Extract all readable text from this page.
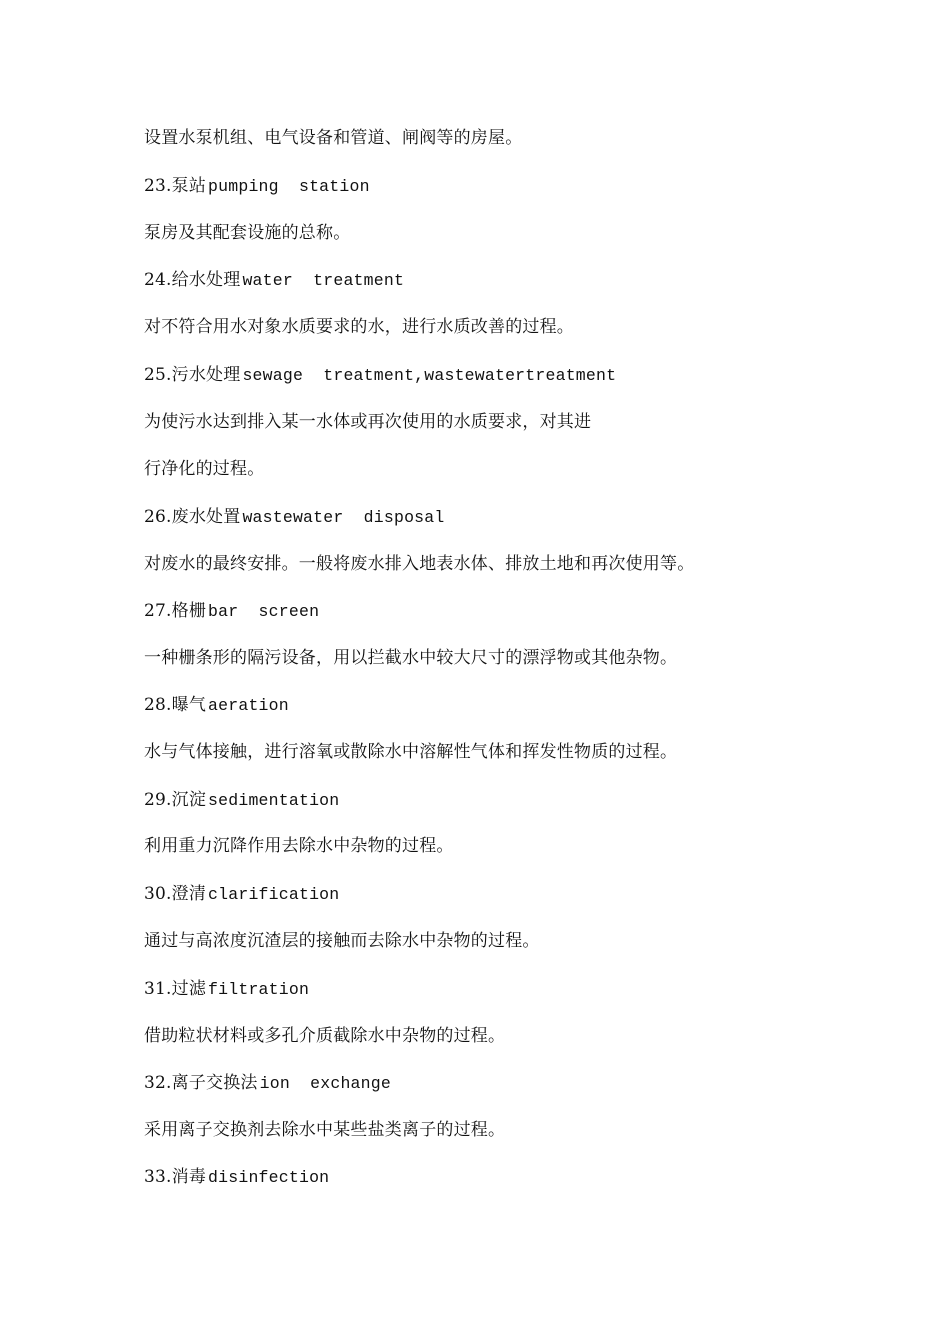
设置水泵机组、电气设备和管道、闸阀等的房屋。
23.泵站 pumping  station
泵房及其配套设施的总称。
24.给水处理 water  treatment
对不符合用水对象水质要求的水，进行水质改善的过程。
25.污水处理 sewage  treatment,wastewatertreatment
为使污水达到排入某一水体或再次使用的水质要求，对其进
行净化的过程。
26.废水处置 wastewater  disposal
对废水的最终安排。一般将废水排入地表水体、排放土地和再次使用等。
27.格栅 bar  screen
一种栅条形的隔污设备，用以拦截水中较大尺寸的漂浮物或其他杂物。
28.曝气 aeration
水与气体接触，进行溶氧或散除水中溶解性气体和挥发性物质的过程。
29.沉淀 sedimentation
利用重力沉降作用去除水中杂物的过程。
30.澄清 clarification
通过与高浓度沉渣层的接触而去除水中杂物的过程。
31.过滤 filtration
借助粒状材料或多孔介质截除水中杂物的过程。
32.离子交换法 ion  exchange
采用离子交换剂去除水中某些盐类离子的过程。
33.消毒 disinfection
